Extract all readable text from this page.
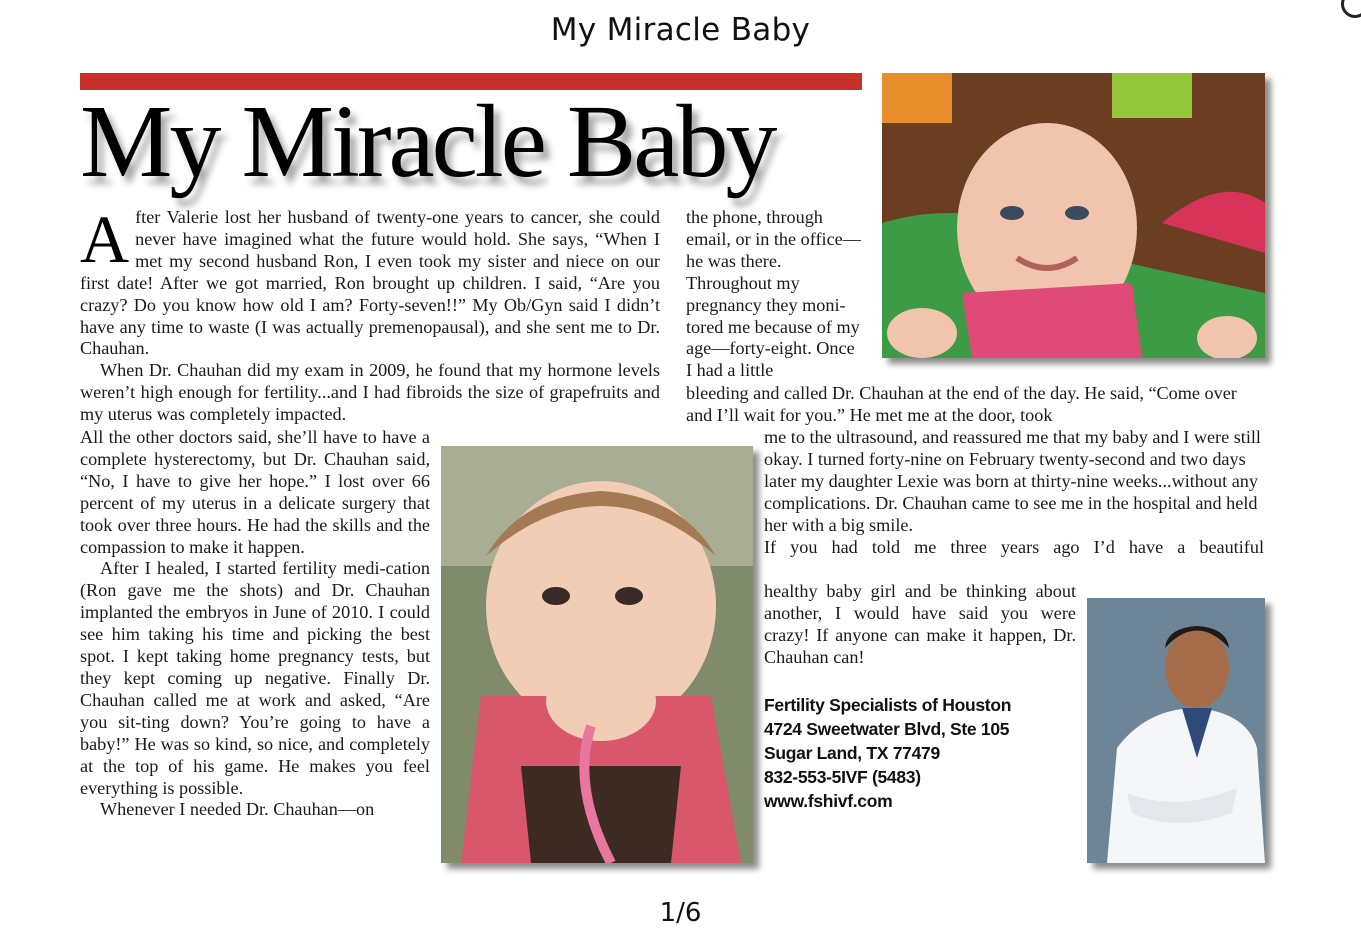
My Miracle Baby
My Miracle Baby

A fter Valerie lost her husband of twenty-one years to cancer, she could never have imagined what the future would hold. She says, “When I met my second husband Ron, I even took my sister and niece on our first date! After we got married, Ron brought up children. I said, “Are you crazy? Do you know how old I am? Forty-seven!!” My Ob/Gyn said I didn’t have any time to waste (I was actually premenopausal), and she sent me to Dr. Chauhan.

When Dr. Chauhan did my exam in 2009, he found that my hormone levels weren’t high enough for fertility...and I had fibroids the size of grapefruits and my uterus was completely impacted.

All the other doctors said, she’ll have to have a complete hysterectomy, but Dr. Chauhan said, “No, I have to give her hope.” I lost over 66 percent of my uterus in a delicate surgery that took over three hours. He had the skills and the compassion to make it happen.

After I healed, I started fertility medi-cation (Ron gave me the shots) and Dr. Chauhan implanted the embryos in June of 2010. I could see him taking his time and picking the best spot. I kept taking home pregnancy tests, but they kept coming up negative. Finally Dr. Chauhan called me at work and asked, “Are you sit-ting down? You’re going to have a baby!” He was so kind, so nice, and completely at the top of his game. He makes you feel everything is possible.

Whenever I needed Dr. Chauhan—on

the phone, through email, or in the office—he was there. Throughout my pregnancy they moni-tored me because of my age—forty-eight. Once I had a little

bleeding and called Dr. Chauhan at the end of the day. He said, “Come over and I’ll wait for you.” He met me at the door, took

me to the ultrasound, and reassured me that my baby and I were still okay. I turned forty-nine on February twenty-second and two days later my daughter Lexie was born at thirty-nine weeks...without any complications. Dr. Chauhan came to see me in the hospital and held her with a big smile.

If you had told me three years ago I’d have a beautiful

healthy baby girl and be thinking about another, I would have said you were crazy! If anyone can make it happen, Dr. Chauhan can!

Fertility Specialists of Houston
4724 Sweetwater Blvd, Ste 105
Sugar Land, TX 77479
832-553-5IVF (5483)
www.fshivf.com
1/6
